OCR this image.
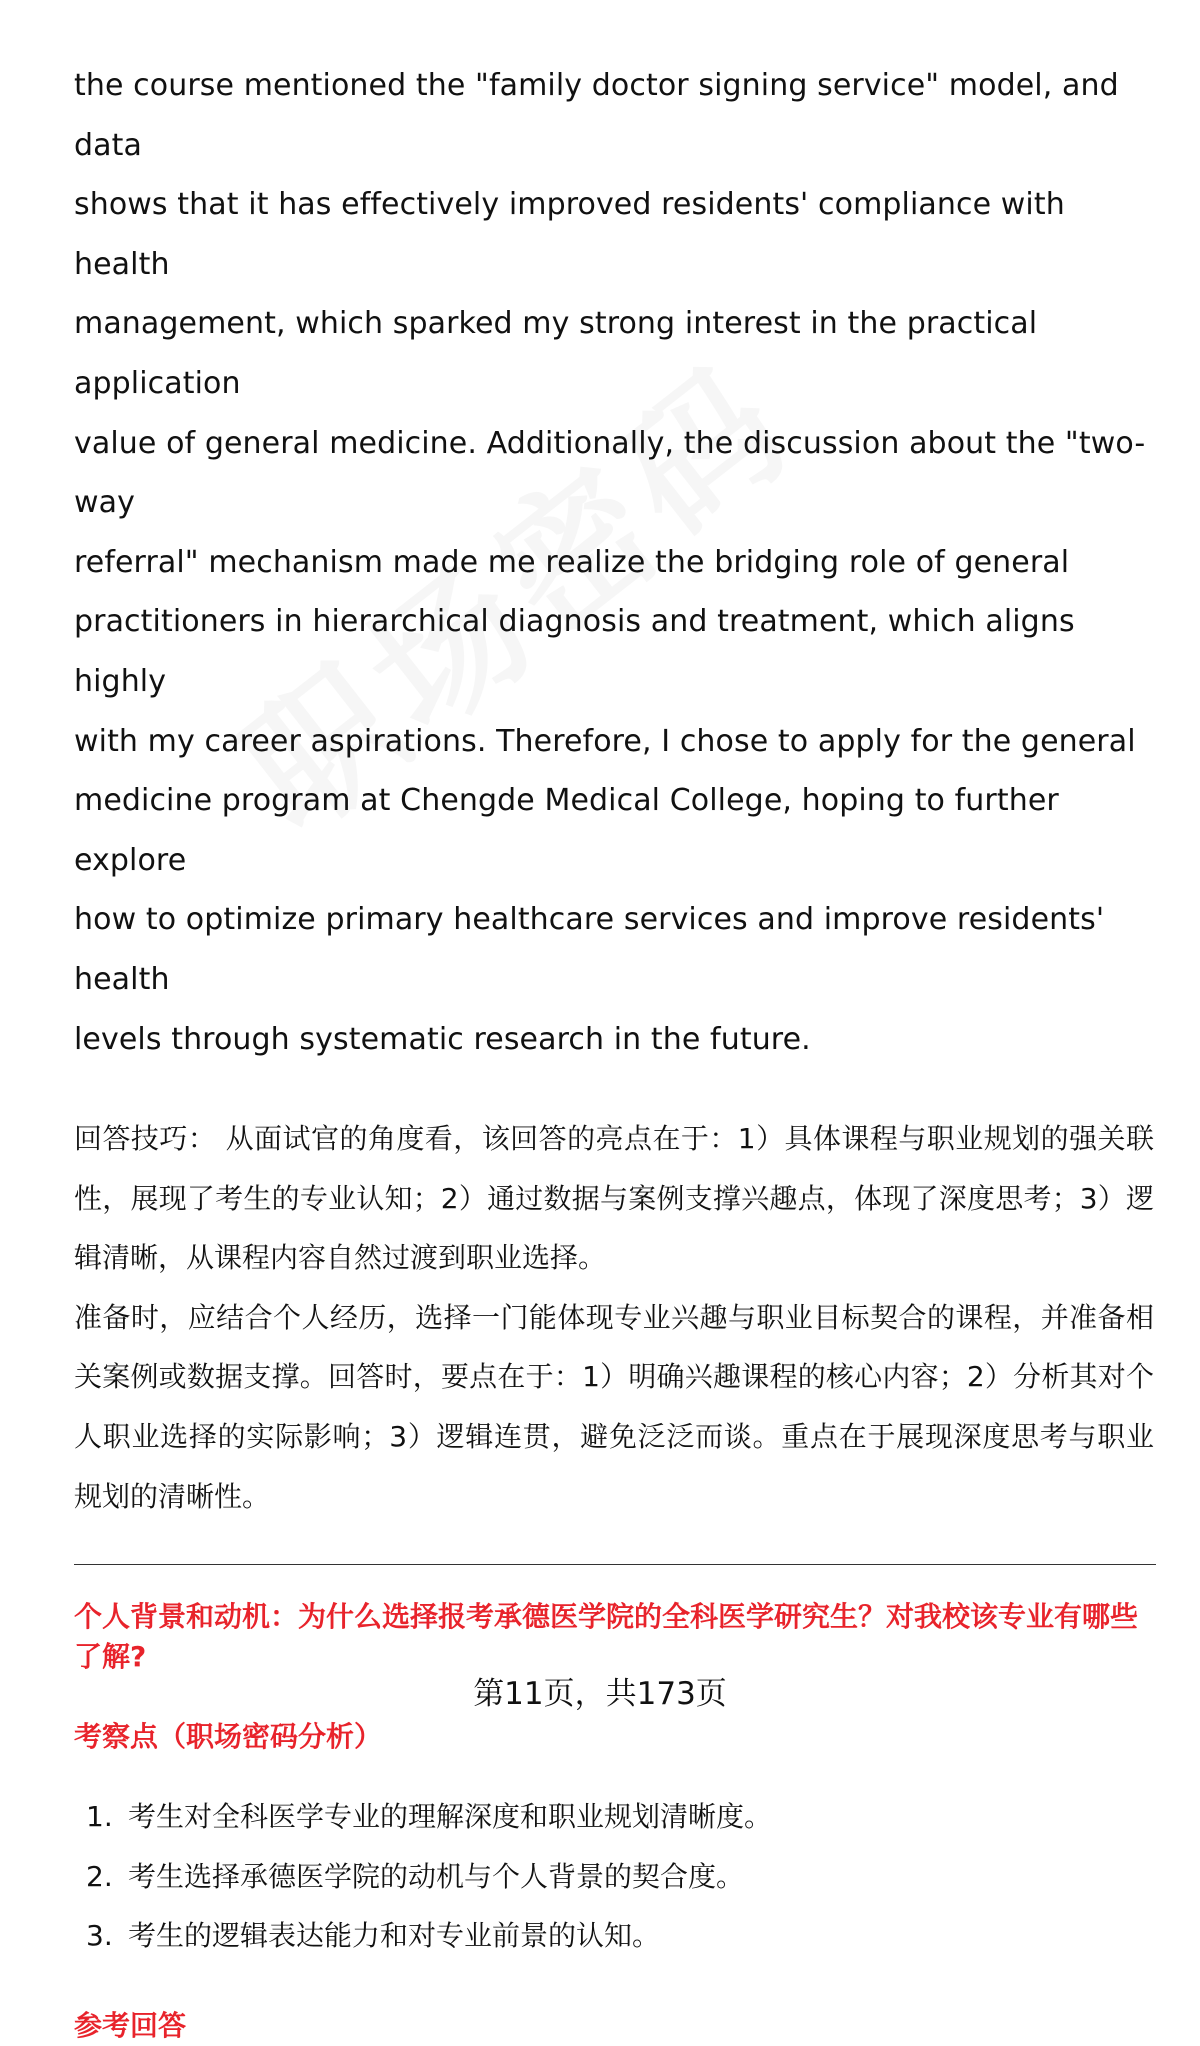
the course mentioned the "family doctor signing service" model, and data

shows that it has effectively improved residents' compliance with health

management, which sparked my strong interest in the practical application

value of general medicine. Additionally, the discussion about the "two-way

referral" mechanism made me realize the bridging role of general

practitioners in hierarchical diagnosis and treatment, which aligns highly

with my career aspirations. Therefore, I chose to apply for the general

medicine program at Chengde Medical College, hoping to further explore

how to optimize primary healthcare services and improve residents' health

levels through systematic research in the future.

回答技巧： 从面试官的角度看，该回答的亮点在于：1）具体课程与职业规划的强关联性，展现了考生的专业认知；2）通过数据与案例支撑兴趣点，体现了深度思考；3）逻辑清晰，从课程内容自然过渡到职业选择。

准备时，应结合个人经历，选择一门能体现专业兴趣与职业目标契合的课程，并准备相关案例或数据支撑。回答时，要点在于：1）明确兴趣课程的核心内容；2）分析其对个人职业选择的实际影响；3）逻辑连贯，避免泛泛而谈。重点在于展现深度思考与职业规划的清晰性。

个人背景和动机：为什么选择报考承德医学院的全科医学研究生？对我校该专业有哪些了解?

考察点（职场密码分析）

1. 考生对全科医学专业的理解深度和职业规划清晰度。
2. 考生选择承德医学院的动机与个人背景的契合度。
3. 考生的逻辑表达能力和对专业前景的认知。

参考回答

第11页，共173页
